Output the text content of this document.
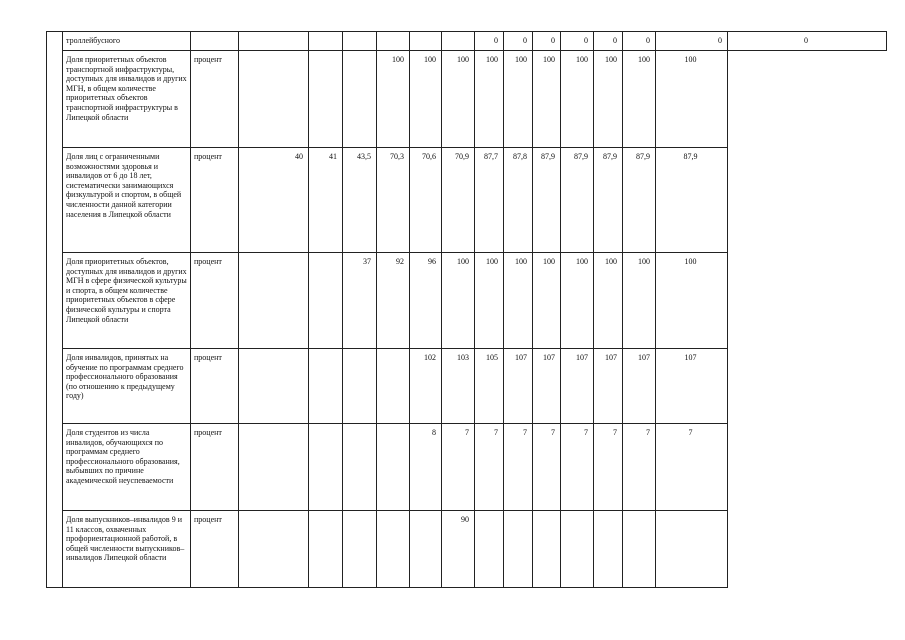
	троллейбусного								0	0	0	0	0	0	0	0
	Доля приоритетных объектов транспортной инфраструктуры, доступных для инвалидов и других МГН, в общем количестве приоритетных объектов транспортной инфраструктуры в Липецкой области	процент				100	100	100	100	100	100	100	100	100	100	
	Доля лиц с ограниченными возможностями здоровья и инвалидов от 6 до 18 лет, систематически занимающихся физкультурой и спортом, в общей численности данной категории населения в Липецкой области	процент	40	41	43,5	70,3	70,6	70,9	87,7	87,8	87,9	87,9	87,9	87,9	87,9	
	Доля приоритетных объектов, доступных для инвалидов и других МГН в сфере физической культуры и спорта, в общем количестве приоритетных объектов в сфере физической культуры и спорта Липецкой области	процент			37	92	96	100	100	100	100	100	100	100	100	
	Доля инвалидов, принятых на обучение по программам среднего профессионального образования (по отношению к предыдущему году)	процент					102	103	105	107	107	107	107	107	107	
	Доля студентов из числа инвалидов, обучающихся по программам среднего профессионального образования, выбывших по причине академической неуспеваемости	процент					8	7	7	7	7	7	7	7	7	
	Доля выпускников–инвалидов 9 и 11 классов, охваченных профориентационной работой, в общей численности выпускников–инвалидов Липецкой области	процент						90								
